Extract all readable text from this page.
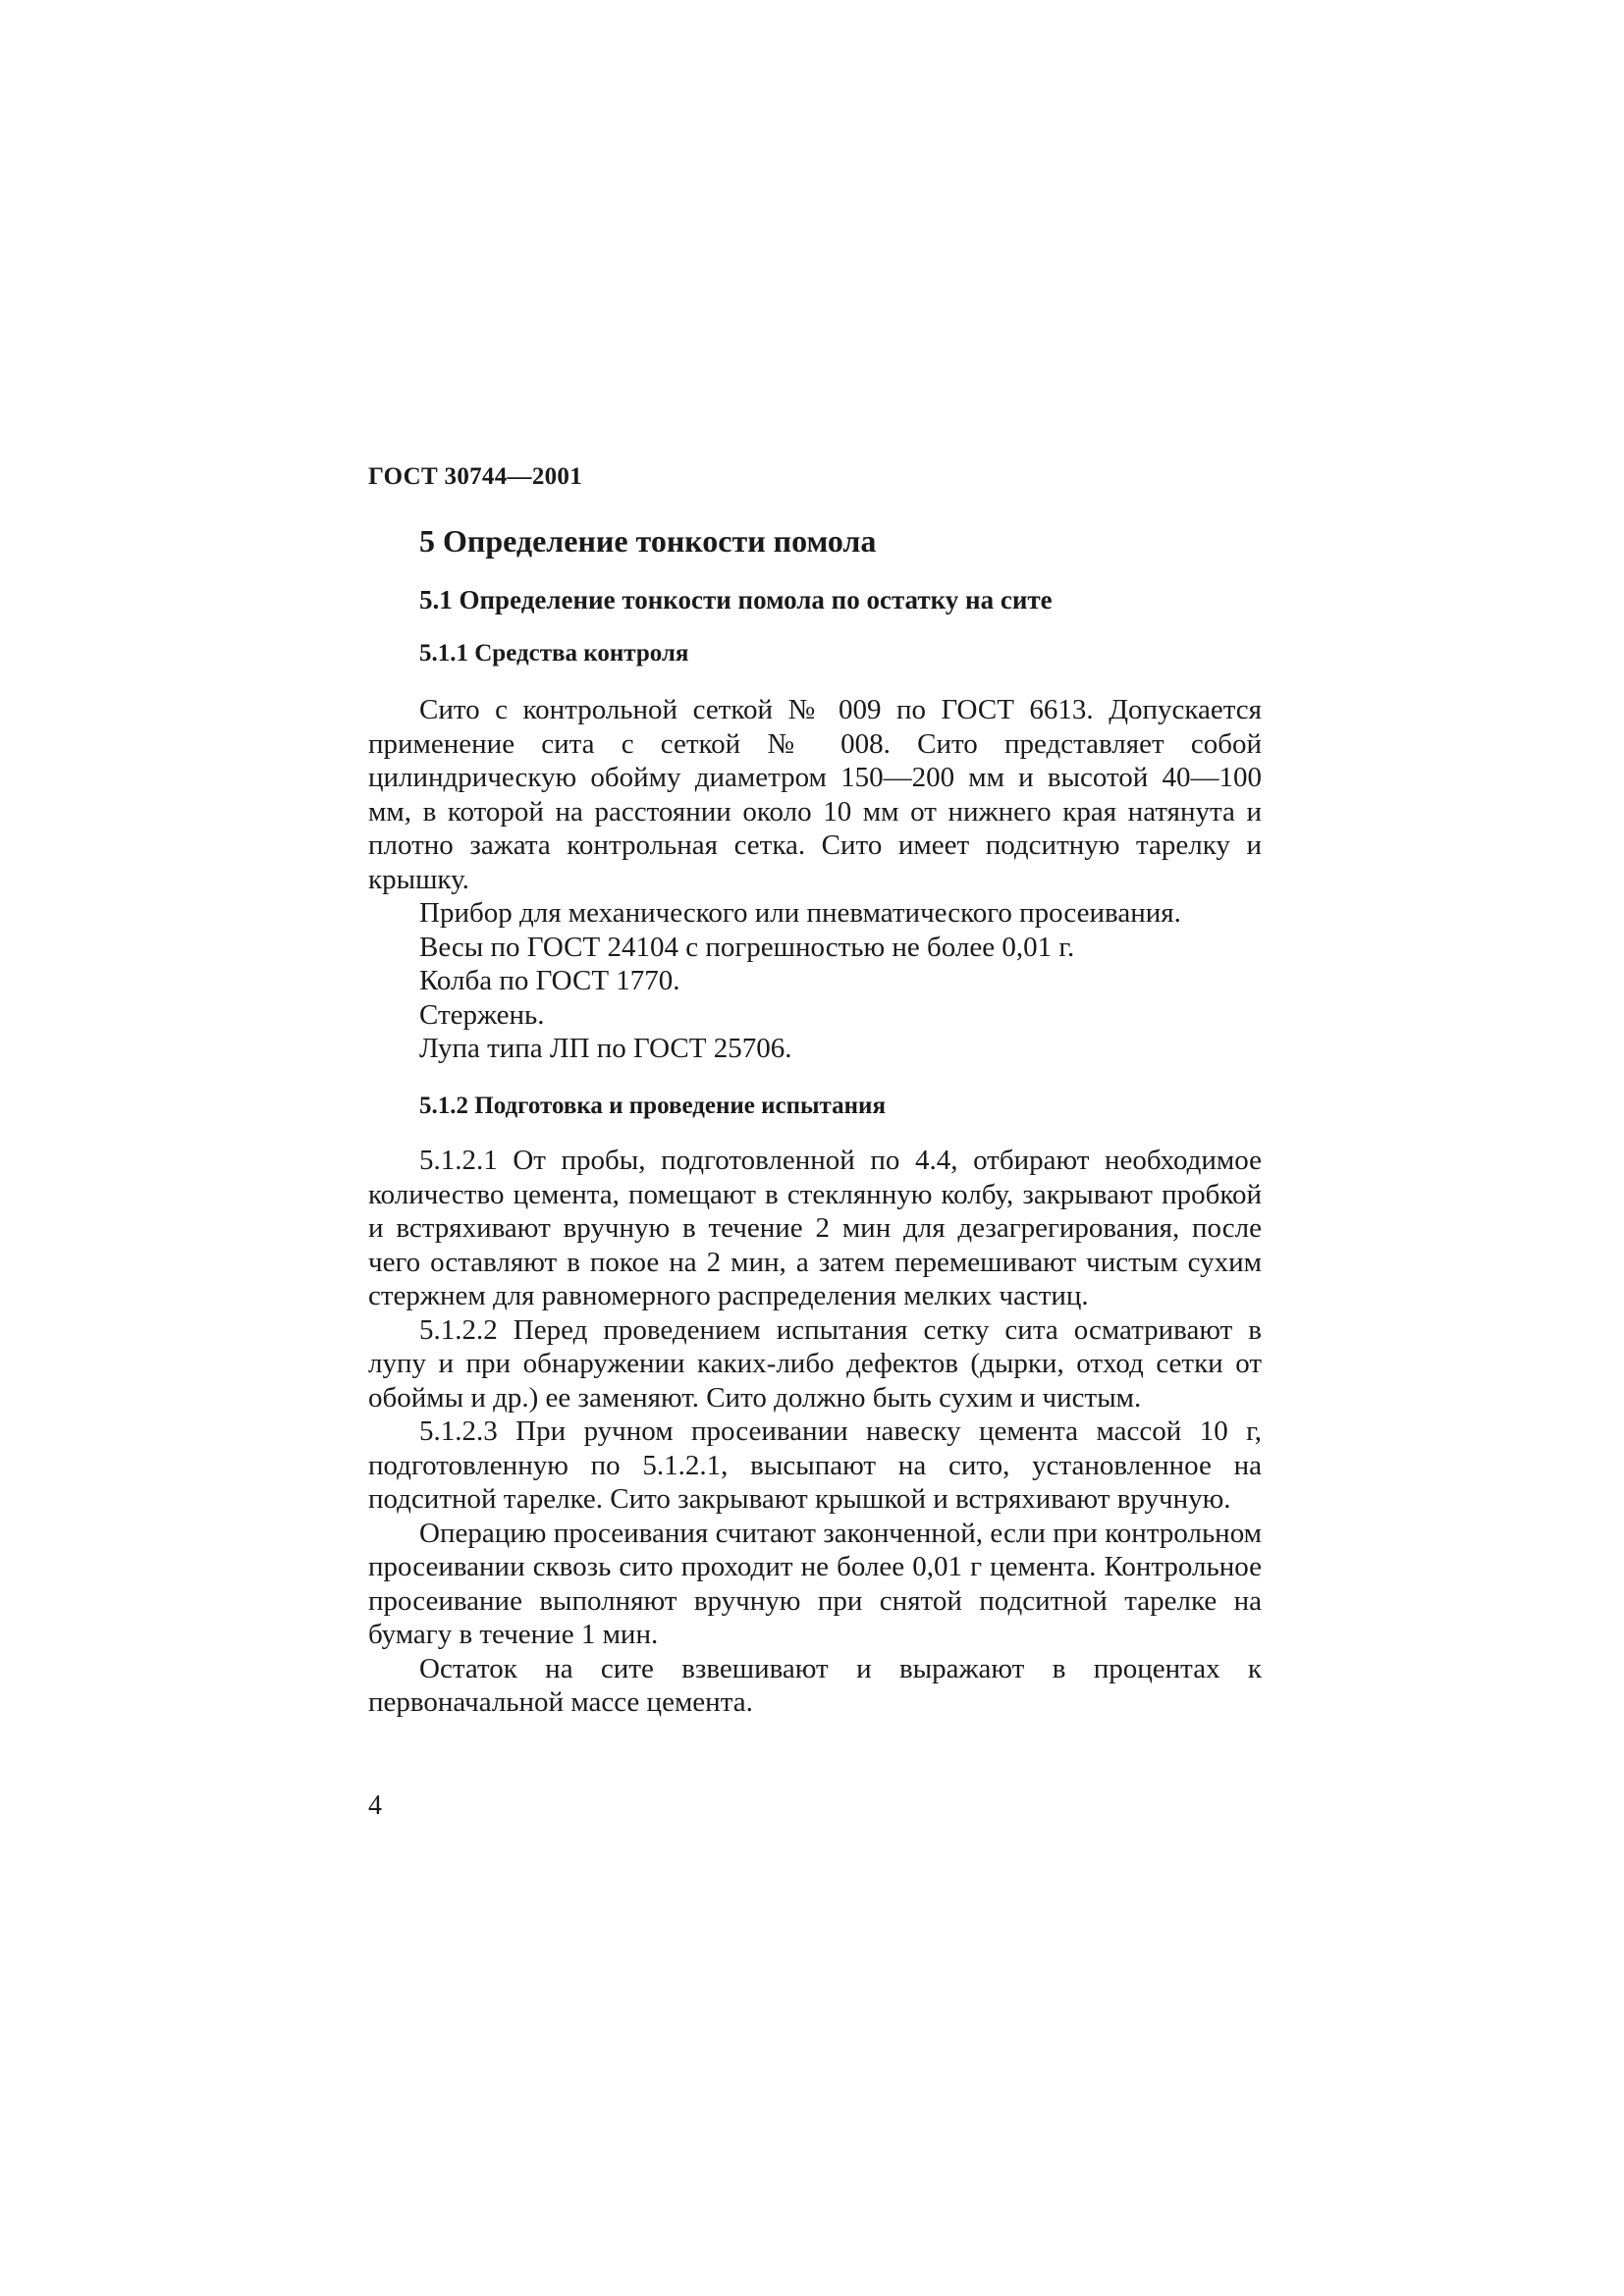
ГОСТ 30744—2001
5 Определение тонкости помола
5.1 Определение тонкости помола по остатку на сите
5.1.1 Средства контроля

Сито с контрольной сеткой № 009 по ГОСТ 6613. Допускается применение сита с сеткой № 008. Сито представляет собой цилиндрическую обойму диаметром 150—200 мм и высотой 40—100 мм, в которой на расстоянии около 10 мм от нижнего края натянута и плотно зажата контрольная сетка. Сито имеет подситную тарелку и крышку.

Прибор для механического или пневматического просеивания.

Весы по ГОСТ 24104 с погрешностью не более 0,01 г.

Колба по ГОСТ 1770.

Стержень.

Лупа типа ЛП по ГОСТ 25706.

5.1.2 Подготовка и проведение испытания

5.1.2.1 От пробы, подготовленной по 4.4, отбирают необходимое количество цемента, помещают в стеклянную колбу, закрывают пробкой и встряхивают вручную в течение 2 мин для дезагрегирования, после чего оставляют в покое на 2 мин, а затем перемешивают чистым сухим стержнем для равномерного распределения мелких частиц.

5.1.2.2 Перед проведением испытания сетку сита осматривают в лупу и при обнаружении каких-либо дефектов (дырки, отход сетки от обоймы и др.) ее заменяют. Сито должно быть сухим и чистым.

5.1.2.3 При ручном просеивании навеску цемента массой 10 г, подготовленную по 5.1.2.1, высыпают на сито, установленное на подситной тарелке. Сито закрывают крышкой и встряхивают вручную.

Операцию просеивания считают законченной, если при контрольном просеивании сквозь сито проходит не более 0,01 г цемента. Контрольное просеивание выполняют вручную при снятой подситной тарелке на бумагу в течение 1 мин.

Остаток на сите взвешивают и выражают в процентах к первоначальной массе цемента.

4
